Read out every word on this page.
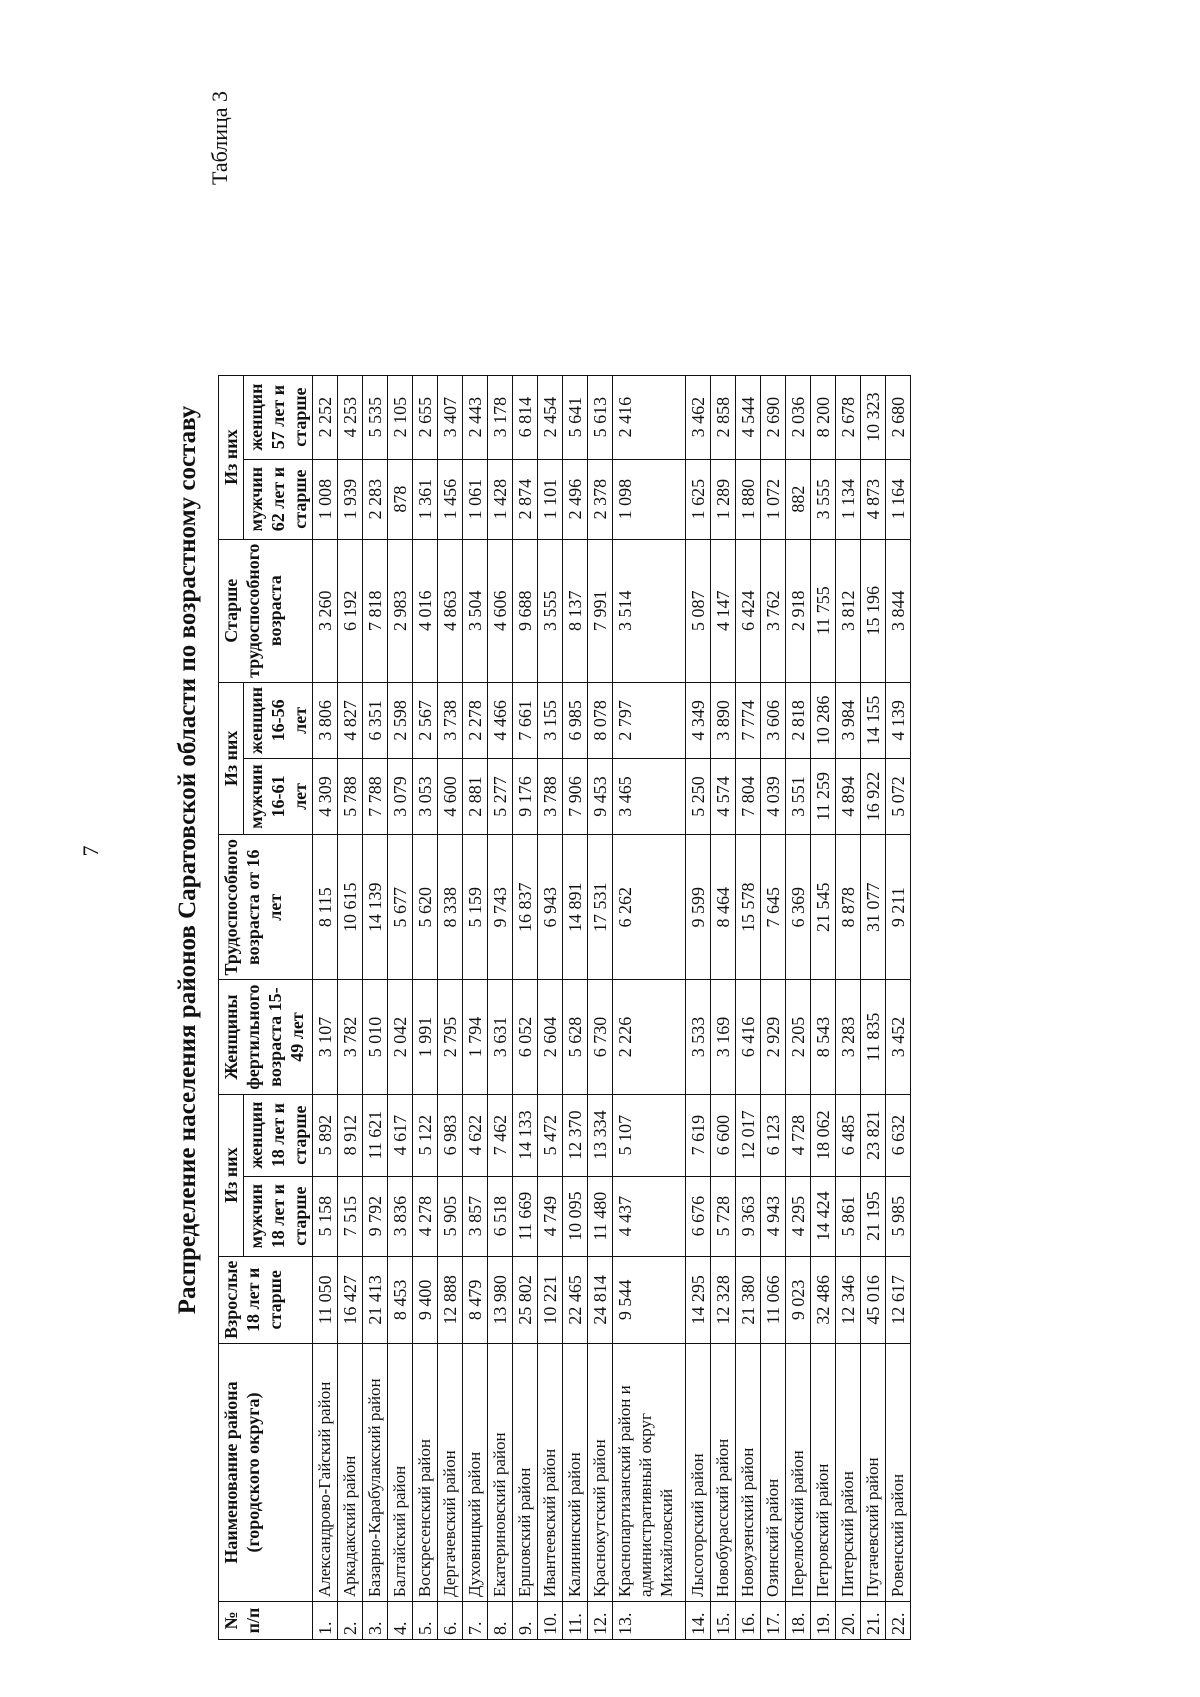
7
Таблица 3
Распределение населения районов Саратовской области по возрастному составу
№ п/п	Наименование района (городского округа)	Взрослые 18 лет и старше	Из них		Женщины фертильного возраста 15-49 лет	Трудоспособного возраста от 16 лет	Из них		Старше трудоспособного возраста	Из них	
			мужчин 18 лет и старше	женщин 18 лет и старше			мужчин 16-61 лет	женщин 16-56 лет		мужчин 62 лет и старше	женщин 57 лет и старше
1.	Александрово-Гайский район	11 050	5 158	5 892	3 107	8 115	4 309	3 806	3 260	1 008	2 252
2.	Аркадакский район	16 427	7 515	8 912	3 782	10 615	5 788	4 827	6 192	1 939	4 253
3.	Базарно-Карабулакский район	21 413	9 792	11 621	5 010	14 139	7 788	6 351	7 818	2 283	5 535
4.	Балтайский район	8 453	3 836	4 617	2 042	5 677	3 079	2 598	2 983	878	2 105
5.	Воскресенский район	9 400	4 278	5 122	1 991	5 620	3 053	2 567	4 016	1 361	2 655
6.	Дергачевский район	12 888	5 905	6 983	2 795	8 338	4 600	3 738	4 863	1 456	3 407
7.	Духовницкий район	8 479	3 857	4 622	1 794	5 159	2 881	2 278	3 504	1 061	2 443
8.	Екатериновский район	13 980	6 518	7 462	3 631	9 743	5 277	4 466	4 606	1 428	3 178
9.	Ершовский район	25 802	11 669	14 133	6 052	16 837	9 176	7 661	9 688	2 874	6 814
10.	Ивантеевский район	10 221	4 749	5 472	2 604	6 943	3 788	3 155	3 555	1 101	2 454
11.	Калининский район	22 465	10 095	12 370	5 628	14 891	7 906	6 985	8 137	2 496	5 641
12.	Краснокутский район	24 814	11 480	13 334	6 730	17 531	9 453	8 078	7 991	2 378	5 613
13.	Краснопартизанский район и административный округ Михайловский	9 544	4 437	5 107	2 226	6 262	3 465	2 797	3 514	1 098	2 416
14.	Лысогорский район	14 295	6 676	7 619	3 533	9 599	5 250	4 349	5 087	1 625	3 462
15.	Новобурасский район	12 328	5 728	6 600	3 169	8 464	4 574	3 890	4 147	1 289	2 858
16.	Новоузенский район	21 380	9 363	12 017	6 416	15 578	7 804	7 774	6 424	1 880	4 544
17.	Озинский район	11 066	4 943	6 123	2 929	7 645	4 039	3 606	3 762	1 072	2 690
18.	Перелюбский район	9 023	4 295	4 728	2 205	6 369	3 551	2 818	2 918	882	2 036
19.	Петровский район	32 486	14 424	18 062	8 543	21 545	11 259	10 286	11 755	3 555	8 200
20.	Питерский район	12 346	5 861	6 485	3 283	8 878	4 894	3 984	3 812	1 134	2 678
21.	Пугачевский район	45 016	21 195	23 821	11 835	31 077	16 922	14 155	15 196	4 873	10 323
22.	Ровенский район	12 617	5 985	6 632	3 452	9 211	5 072	4 139	3 844	1 164	2 680
